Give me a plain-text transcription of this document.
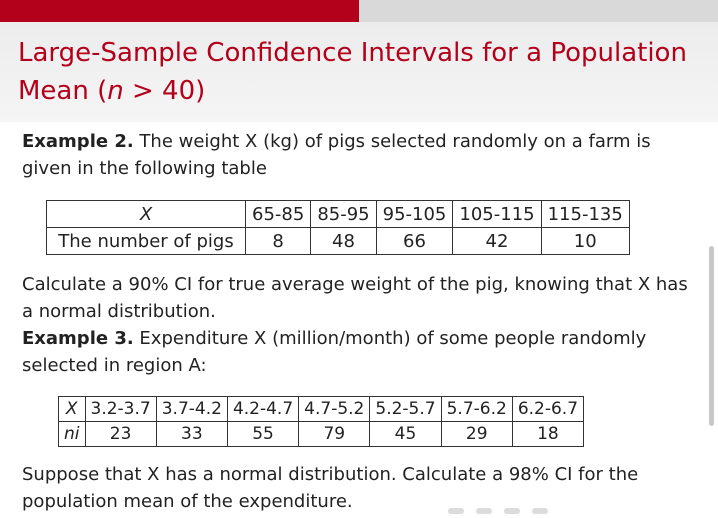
Large-Sample Confidence Intervals for a Population
Mean (n > 40)

Example 2. The weight X (kg) of pigs selected randomly on a farm is given in the following table

X	65-85	85-95	95-105	105-115	115-135
The number of pigs	8	48	66	42	10

Calculate a 90% CI for true average weight of the pig, knowing that X has a normal distribution.

Example 3. Expenditure X (million/month) of some people randomly selected in region A:

X	3.2-3.7	3.7-4.2	4.2-4.7	4.7-5.2	5.2-5.7	5.7-6.2	6.2-6.7
ni	23	33	55	79	45	29	18

Suppose that X has a normal distribution. Calculate a 98% CI for the population mean of the expenditure.
